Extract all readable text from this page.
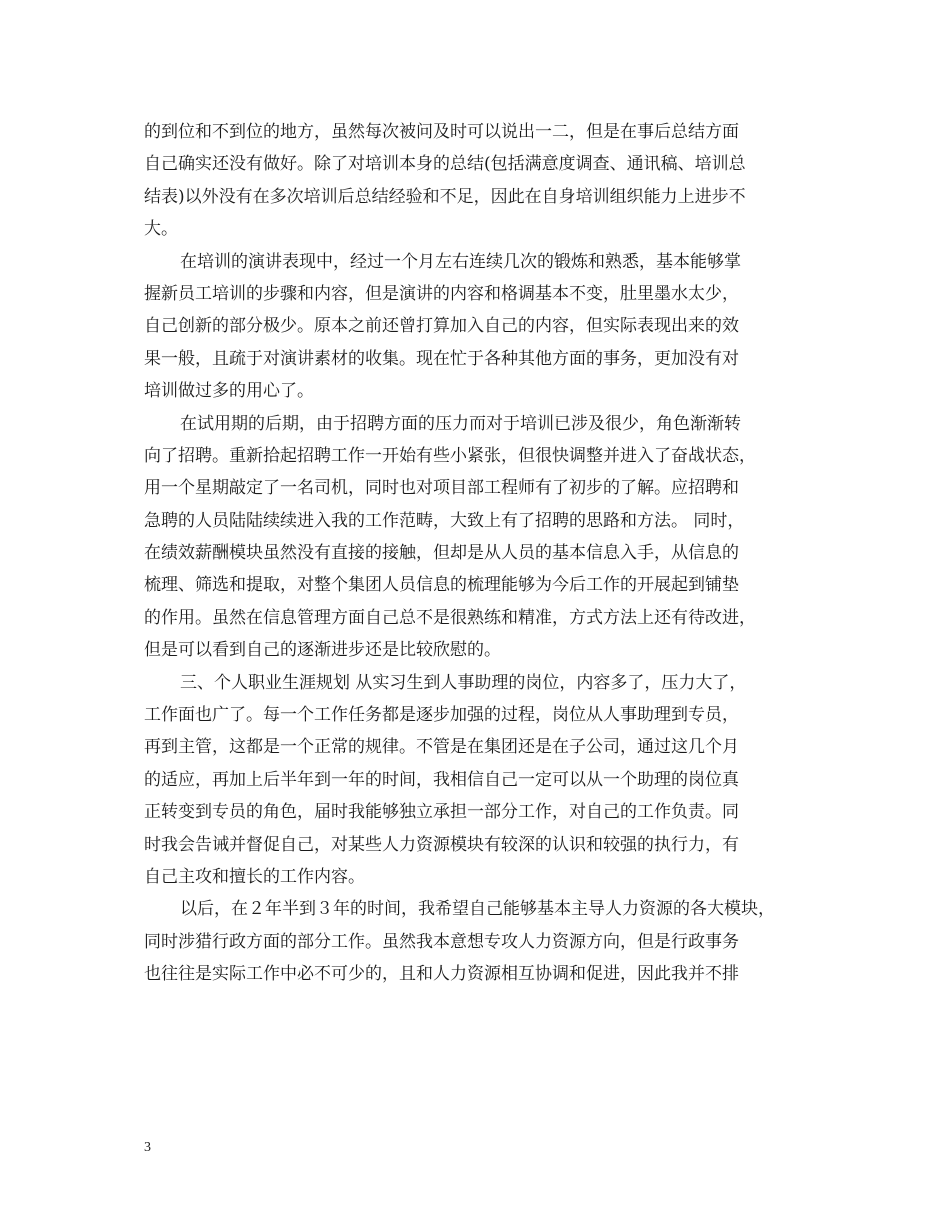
的到位和不到位的地方，虽然每次被问及时可以说出一二，但是在事后总结方面
自己确实还没有做好。除了对培训本身的总结(包括满意度调查、通讯稿、培训总
结表)以外没有在多次培训后总结经验和不足，因此在自身培训组织能力上进步不
大。
在培训的演讲表现中，经过一个月左右连续几次的锻炼和熟悉，基本能够掌
握新员工培训的步骤和内容，但是演讲的内容和格调基本不变，肚里墨水太少，
自己创新的部分极少。原本之前还曾打算加入自己的内容，但实际表现出来的效
果一般，且疏于对演讲素材的收集。现在忙于各种其他方面的事务，更加没有对
培训做过多的用心了。
在试用期的后期，由于招聘方面的压力而对于培训已涉及很少，角色渐渐转
向了招聘。重新拾起招聘工作一开始有些小紧张，但很快调整并进入了奋战状态，
用一个星期敲定了一名司机，同时也对项目部工程师有了初步的了解。应招聘和
急聘的人员陆陆续续进入我的工作范畴，大致上有了招聘的思路和方法。 同时，
在绩效薪酬模块虽然没有直接的接触，但却是从人员的基本信息入手，从信息的
梳理、筛选和提取，对整个集团人员信息的梳理能够为今后工作的开展起到铺垫
的作用。虽然在信息管理方面自己总不是很熟练和精准，方式方法上还有待改进，
但是可以看到自己的逐渐进步还是比较欣慰的。
三、个人职业生涯规划 从实习生到人事助理的岗位，内容多了，压力大了，
工作面也广了。每一个工作任务都是逐步加强的过程，岗位从人事助理到专员，
再到主管，这都是一个正常的规律。不管是在集团还是在子公司，通过这几个月
的适应，再加上后半年到一年的时间，我相信自己一定可以从一个助理的岗位真
正转变到专员的角色，届时我能够独立承担一部分工作，对自己的工作负责。同
时我会告诫并督促自己，对某些人力资源模块有较深的认识和较强的执行力，有
自己主攻和擅长的工作内容。
以后，在２年半到３年的时间，我希望自己能够基本主导人力资源的各大模块，
同时涉猎行政方面的部分工作。虽然我本意想专攻人力资源方向，但是行政事务
也往往是实际工作中必不可少的，且和人力资源相互协调和促进，因此我并不排
3
